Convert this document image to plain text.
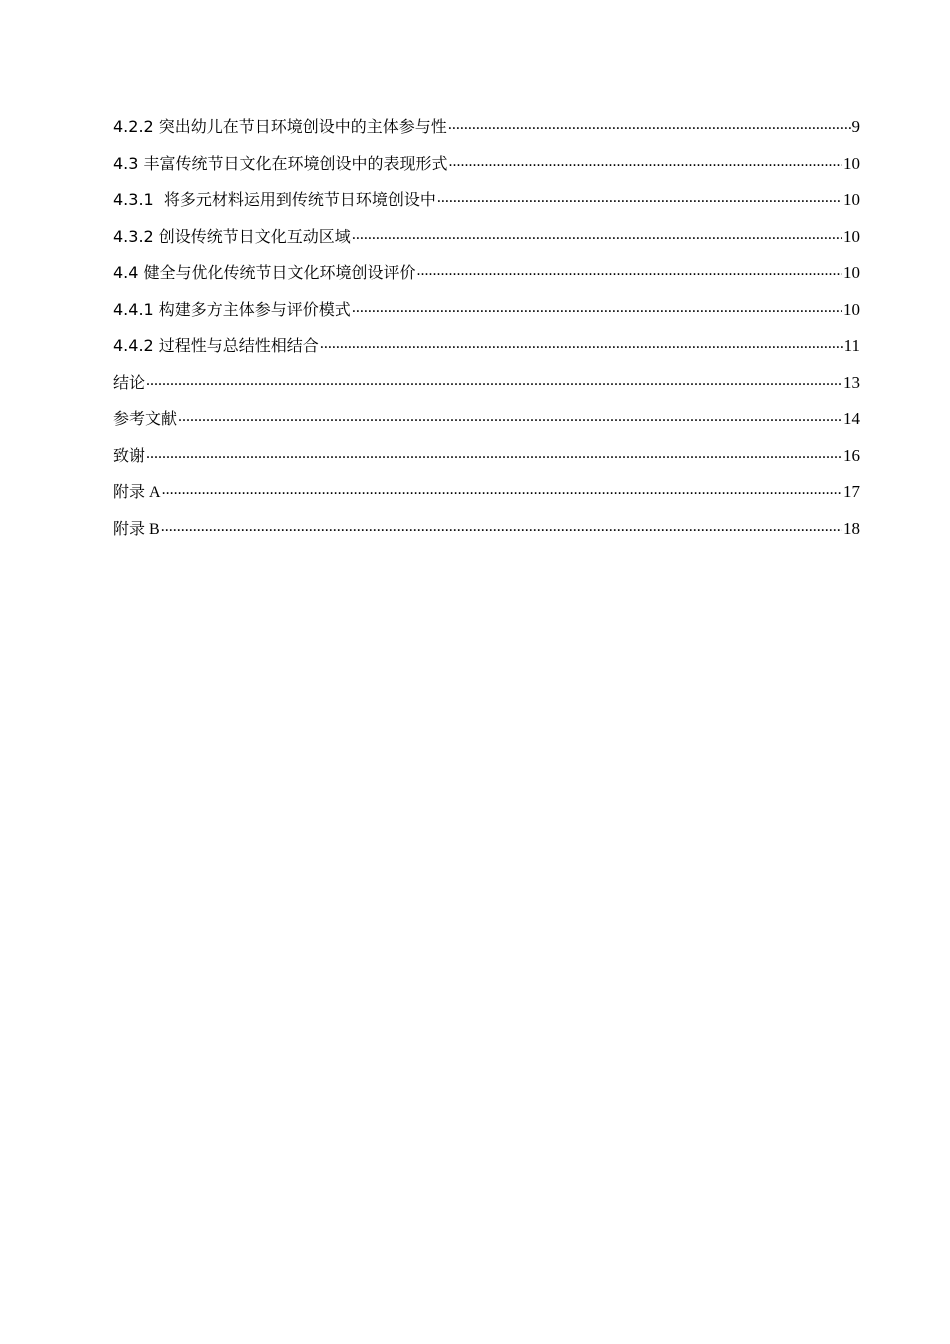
4.2.2 突出幼儿在节日环境创设中的主体参与性 .....	9
4.3 丰富传统节日文化在环境创设中的表现形式 .....	10
4.3.1  将多元材料运用到传统节日环境创设中 .....	10
4.3.2 创设传统节日文化互动区域 .....	10
4.4 健全与优化传统节日文化环境创设评价 .....	10
4.4.1 构建多方主体参与评价模式 .....	10
4.4.2 过程性与总结性相结合 .....	11
结论 .....	13
参考文献 .....	14
致谢 .....	16
附录 A .....	17
附录 B .....	18
